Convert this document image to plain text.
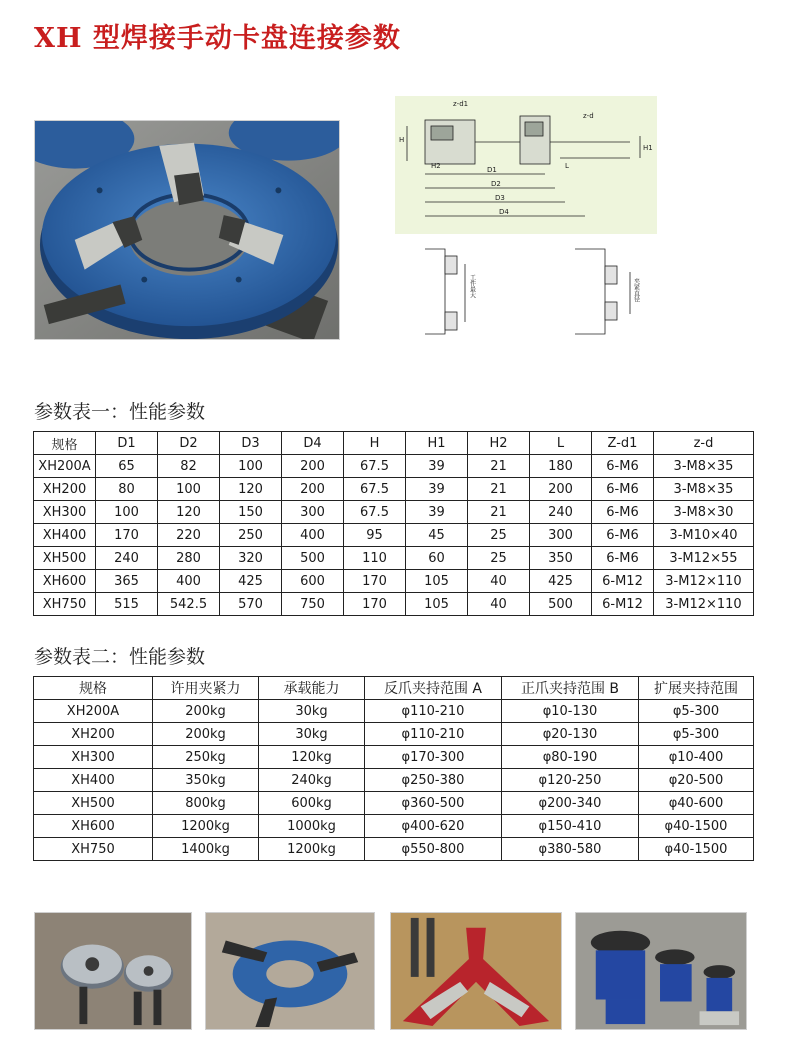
XH 型焊接手动卡盘连接参数
z-d1
z-d
H
H2	L
H1
D1
D2
D3
D4
工件最大	夹紧直径
参数表一：性能参数
规格	D1	D2	D3	D4	H	H1	H2	L	Z-d1	z-d
XH200A	65	82	100	200	67.5	39	21	180	6-M6	3-M8×35
XH200	80	100	120	200	67.5	39	21	200	6-M6	3-M8×35
XH300	100	120	150	300	67.5	39	21	240	6-M6	3-M8×30
XH400	170	220	250	400	95	45	25	300	6-M6	3-M10×40
XH500	240	280	320	500	110	60	25	350	6-M6	3-M12×55
XH600	365	400	425	600	170	105	40	425	6-M12	3-M12×110
XH750	515	542.5	570	750	170	105	40	500	6-M12	3-M12×110
参数表二：性能参数
规格	许用夹紧力	承载能力	反爪夹持范围 A	正爪夹持范围 B	扩展夹持范围
XH200A	200kg	30kg	φ110-210	φ10-130	φ5-300
XH200	200kg	30kg	φ110-210	φ20-130	φ5-300
XH300	250kg	120kg	φ170-300	φ80-190	φ10-400
XH400	350kg	240kg	φ250-380	φ120-250	φ20-500
XH500	800kg	600kg	φ360-500	φ200-340	φ40-600
XH600	1200kg	1000kg	φ400-620	φ150-410	φ40-1500
XH750	1400kg	1200kg	φ550-800	φ380-580	φ40-1500
